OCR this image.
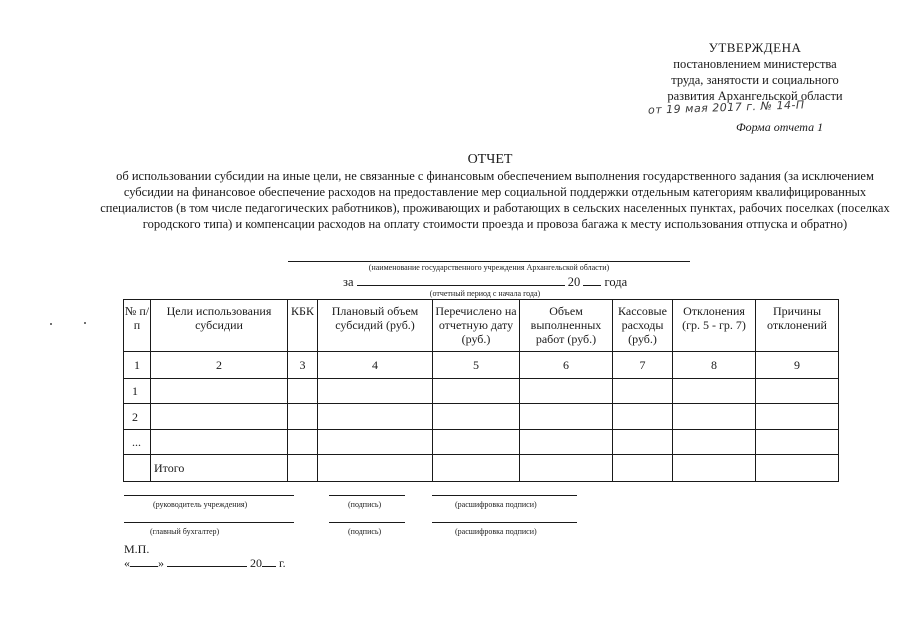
УТВЕРЖДЕНА
постановлением министерства
труда, занятости и социального
развития Архангельской области
от 19 мая 2017 г. № 14-П
Форма отчета 1
ОТЧЕТ
об использовании субсидии на иные цели, не связанные с финансовым обеспечением выполнения государственного задания (за исключением субсидии на финансовое обеспечение расходов на предоставление мер социальной поддержки отдельным категориям квалифицированных специалистов (в том числе педагогических работников), проживающих и работающих в сельских населенных пунктах, рабочих поселках (поселках городского типа) и компенсации расходов на оплату стоимости проезда и провоза багажа к месту использования отпуска и обратно)
(наименование государственного учреждения Архангельской области)
за	20 года
(отчетный период с начала года)
№ п/п	Цели использования субсидии	КБК	Плановый объем субсидий (руб.)	Перечислено на отчетную дату (руб.)	Объем выполненных работ (руб.)	Кассовые расходы (руб.)	Отклонения (гр. 5 - гр. 7)	Причины отклонений
1	2	3	4	5	6	7	8	9
1								
2								
...								
	Итого							
(руководитель учреждения)	(подпись)	(расшифровка подписи)
(главный бухгалтер)	(подпись)	(расшифровка подписи)
М.П.
« »	20 г.
